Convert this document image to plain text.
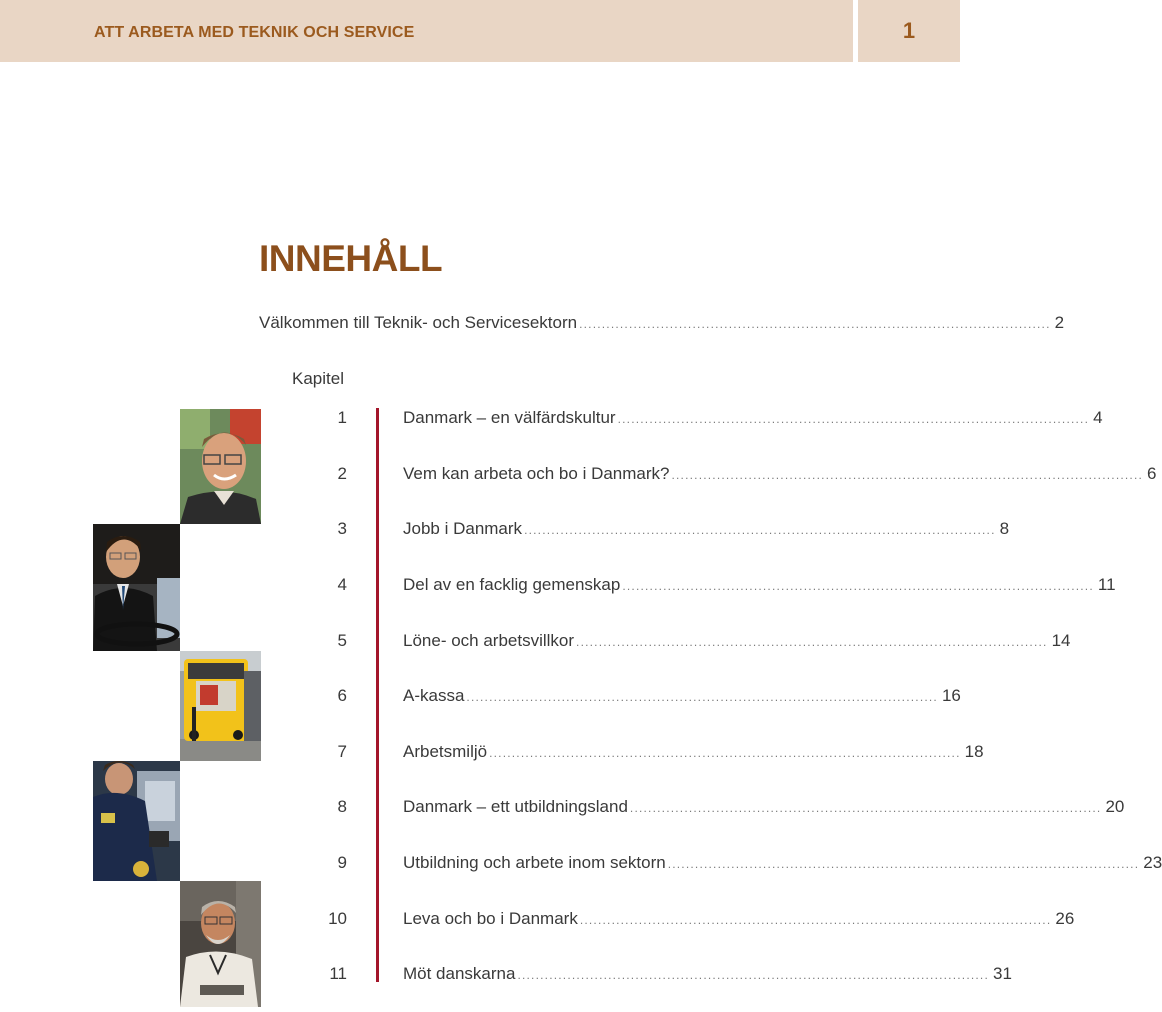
ATT ARBETA MED TEKNIK OCH SERVICE	1
INNEHÅLL
Välkommen till Teknik- och Servicesektorn ........................................................................................................ 2
Kapitel
1	Danmark – en välfärdskultur ........................................................................................................ 4
2	Vem kan arbeta och bo i Danmark? ........................................................................................................ 6
3	Jobb i Danmark ........................................................................................................ 8
4	Del av en facklig gemenskap ........................................................................................................ 11
5	Löne- och arbetsvillkor ........................................................................................................ 14
6	A-kassa ........................................................................................................ 16
7	Arbetsmiljö ........................................................................................................ 18
8	Danmark – ett utbildningsland ........................................................................................................ 20
9	Utbildning och arbete inom sektorn ........................................................................................................ 23
10	Leva och bo i Danmark ........................................................................................................ 26
11	Möt danskarna ........................................................................................................ 31
